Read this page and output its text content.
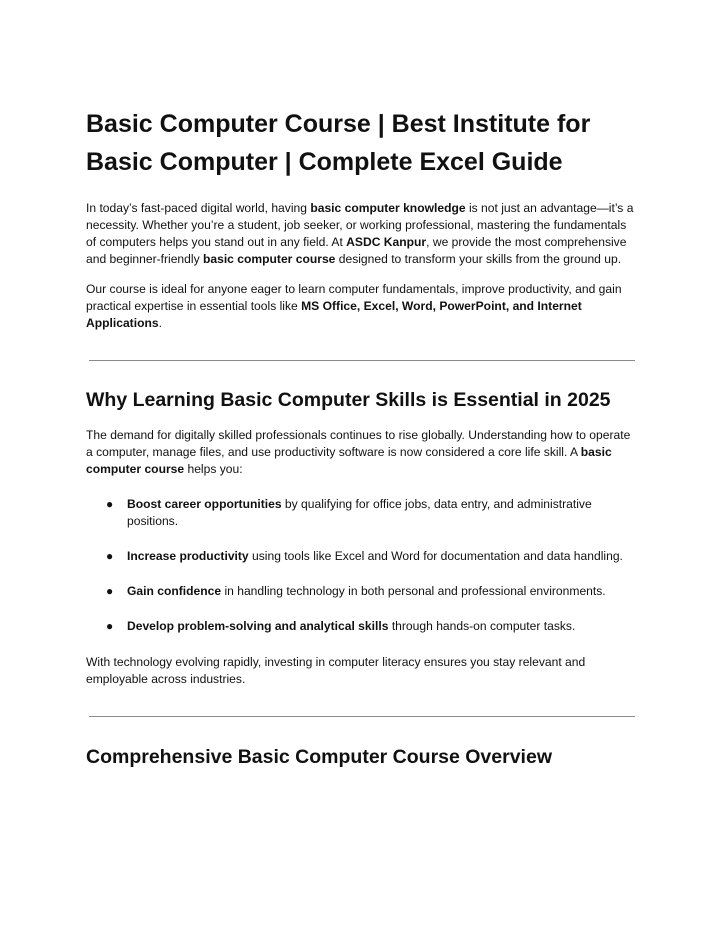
Basic Computer Course | Best Institute for
Basic Computer | Complete Excel Guide

In today’s fast-paced digital world, having basic computer knowledge is not just an advantage—it’s a necessity. Whether you’re a student, job seeker, or working professional, mastering the fundamentals of computers helps you stand out in any field. At ASDC Kanpur, we provide the most comprehensive and beginner-friendly basic computer course designed to transform your skills from the ground up.

Our course is ideal for anyone eager to learn computer fundamentals, improve productivity, and gain practical expertise in essential tools like MS Office, Excel, Word, PowerPoint, and Internet Applications.

Why Learning Basic Computer Skills is Essential in 2025

The demand for digitally skilled professionals continues to rise globally. Understanding how to operate a computer, manage files, and use productivity software is now considered a core life skill. A basic computer course helps you:

● Boost career opportunities by qualifying for office jobs, data entry, and administrative positions.
● Increase productivity using tools like Excel and Word for documentation and data handling.
● Gain confidence in handling technology in both personal and professional environments.
● Develop problem-solving and analytical skills through hands-on computer tasks.

With technology evolving rapidly, investing in computer literacy ensures you stay relevant and employable across industries.

Comprehensive Basic Computer Course Overview
